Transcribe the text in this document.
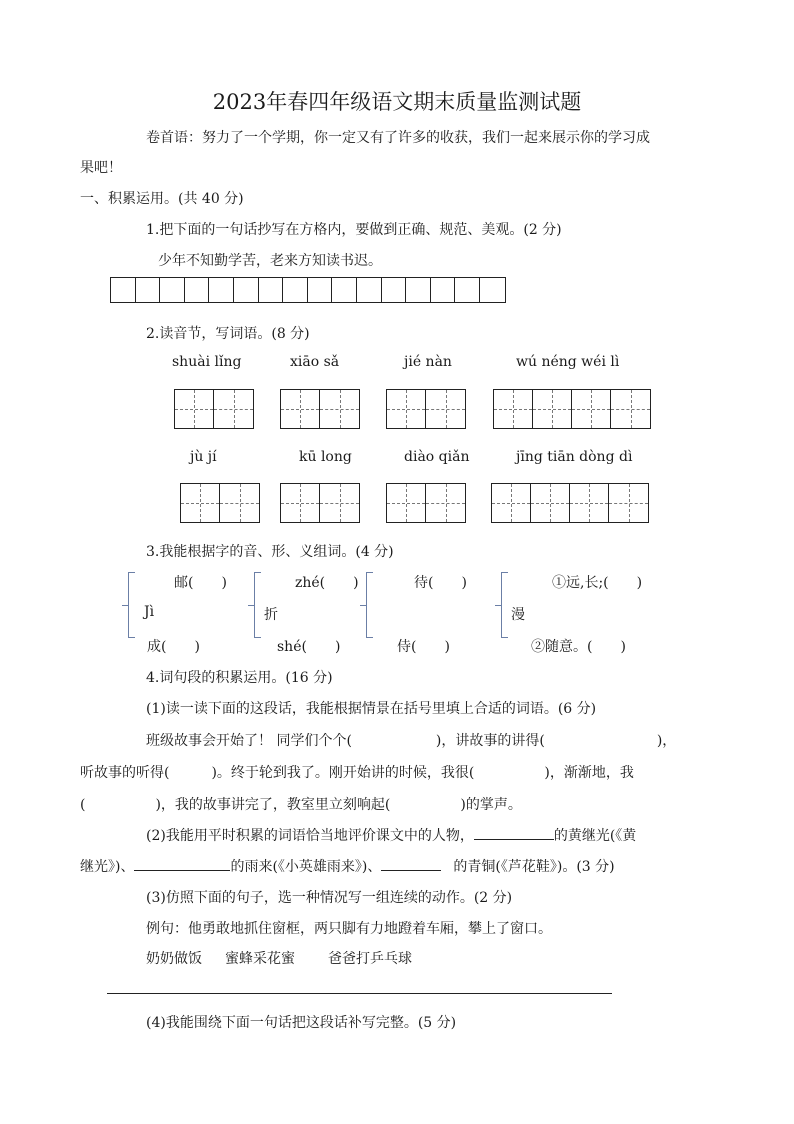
2023年春四年级语文期末质量监测试题
卷首语：努力了一个学期，你一定又有了许多的收获，我们一起来展示你的学习成
果吧！
一、积累运用。(共 40 分)
1.把下面的一句话抄写在方格内，要做到正确、规范、美观。(2 分)
少年不知勤学苦，老来方知读书迟。
2.读音节，写词语。(8 分)
shuài lǐng	xiāo sǎ	jié nàn	wú néng wéi lì
jù jí	kū long	diào qiǎn	jīng tiān dòng dì
3.我能根据字的音、形、义组词。(4 分)
邮(　　)
Jì
成(　　)
zhé(　　)
折
shé(　　)
待(　　)
侍(　　)
①远,长;(　　)
漫
②随意。(　　)
4.词句段的积累运用。(16 分)
(1)读一读下面的这段话，我能根据情景在括号里填上合适的词语。(6 分)
班级故事会开始了！ 同学们个个(　　　　　　)，讲故事的讲得(　　　　　　　　)，
听故事的听得(　　　)。终于轮到我了。刚开始讲的时候，我很(　　　　　)，渐渐地，我
(　　　　　)，我的故事讲完了，教室里立刻响起(　　　　　)的掌声。
(2)我能用平时积累的词语恰当地评价课文中的人物，	的黄继光(《黄
继光》)、	的雨来(《小英雄雨来》)、	的青铜(《芦花鞋》)。(3 分)
(3)仿照下面的句子，选一种情况写一组连续的动作。(2 分)
例句：他勇敢地抓住窗框，两只脚有力地蹬着车厢，攀上了窗口。
奶奶做饭 蜜蜂采花蜜 爸爸打乒乓球
(4)我能围绕下面一句话把这段话补写完整。(5 分)
